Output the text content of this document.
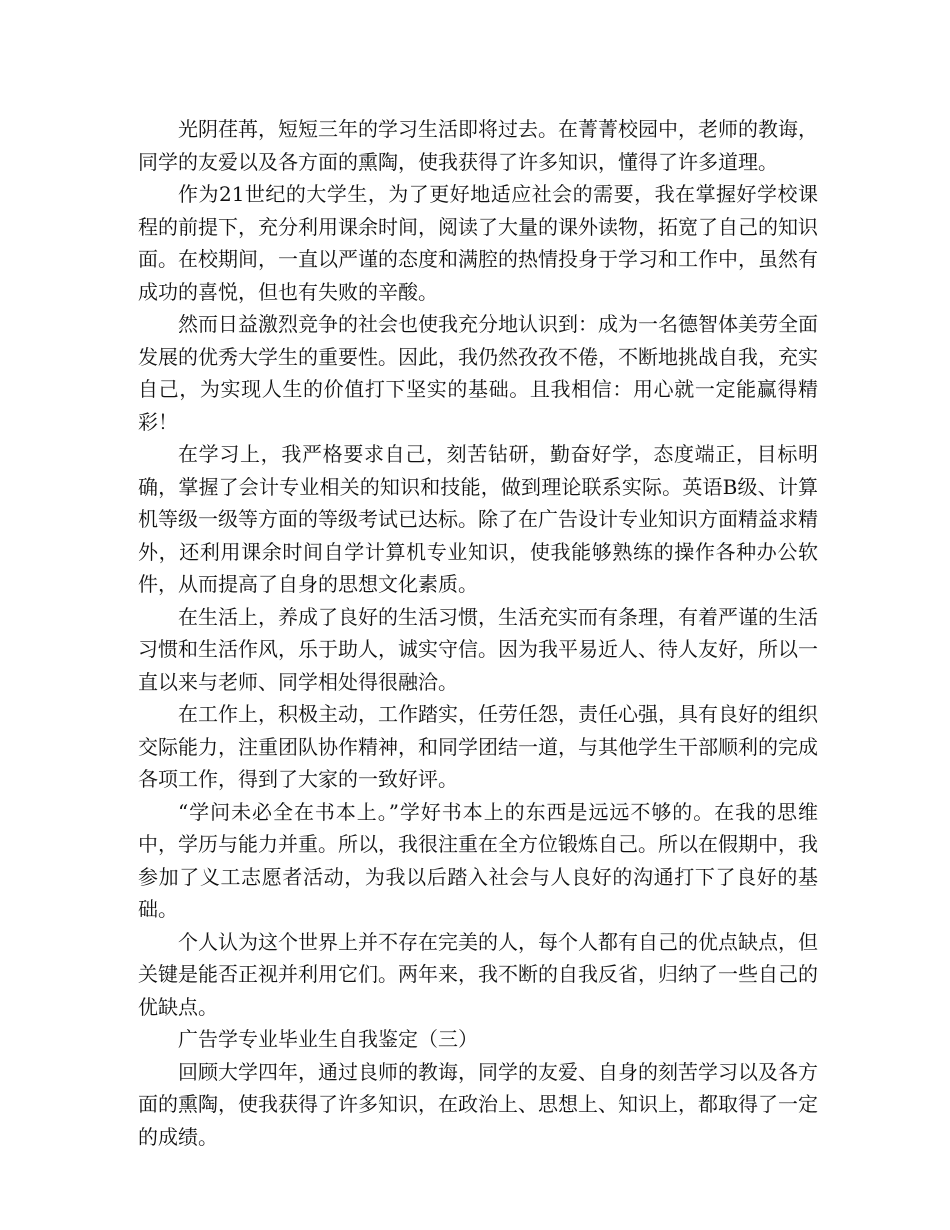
光阴荏苒，短短三年的学习生活即将过去。在菁菁校园中，老师的教诲，同学的友爱以及各方面的熏陶，使我获得了许多知识，懂得了许多道理。

作为21世纪的大学生，为了更好地适应社会的需要，我在掌握好学校课程的前提下，充分利用课余时间，阅读了大量的课外读物，拓宽了自己的知识面。在校期间，一直以严谨的态度和满腔的热情投身于学习和工作中，虽然有成功的喜悦，但也有失败的辛酸。

然而日益激烈竞争的社会也使我充分地认识到：成为一名德智体美劳全面发展的优秀大学生的重要性。因此，我仍然孜孜不倦，不断地挑战自我，充实自己，为实现人生的价值打下坚实的基础。且我相信：用心就一定能赢得精彩！

在学习上，我严格要求自己，刻苦钻研，勤奋好学，态度端正，目标明确，掌握了会计专业相关的知识和技能，做到理论联系实际。英语B级、计算机等级一级等方面的等级考试已达标。除了在广告设计专业知识方面精益求精外，还利用课余时间自学计算机专业知识，使我能够熟练的操作各种办公软件，从而提高了自身的思想文化素质。

在生活上，养成了良好的生活习惯，生活充实而有条理，有着严谨的生活习惯和生活作风，乐于助人，诚实守信。因为我平易近人、待人友好，所以一直以来与老师、同学相处得很融洽。

在工作上，积极主动，工作踏实，任劳任怨，责任心强，具有良好的组织交际能力，注重团队协作精神，和同学团结一道，与其他学生干部顺利的完成各项工作，得到了大家的一致好评。

“学问未必全在书本上。”学好书本上的东西是远远不够的。在我的思维中，学历与能力并重。所以，我很注重在全方位锻炼自己。所以在假期中，我参加了义工志愿者活动，为我以后踏入社会与人良好的沟通打下了良好的基础。

个人认为这个世界上并不存在完美的人，每个人都有自己的优点缺点，但关键是能否正视并利用它们。两年来，我不断的自我反省，归纳了一些自己的优缺点。

广告学专业毕业生自我鉴定（三）

回顾大学四年，通过良师的教诲，同学的友爱、自身的刻苦学习以及各方面的熏陶，使我获得了许多知识，在政治上、思想上、知识上，都取得了一定的成绩。
